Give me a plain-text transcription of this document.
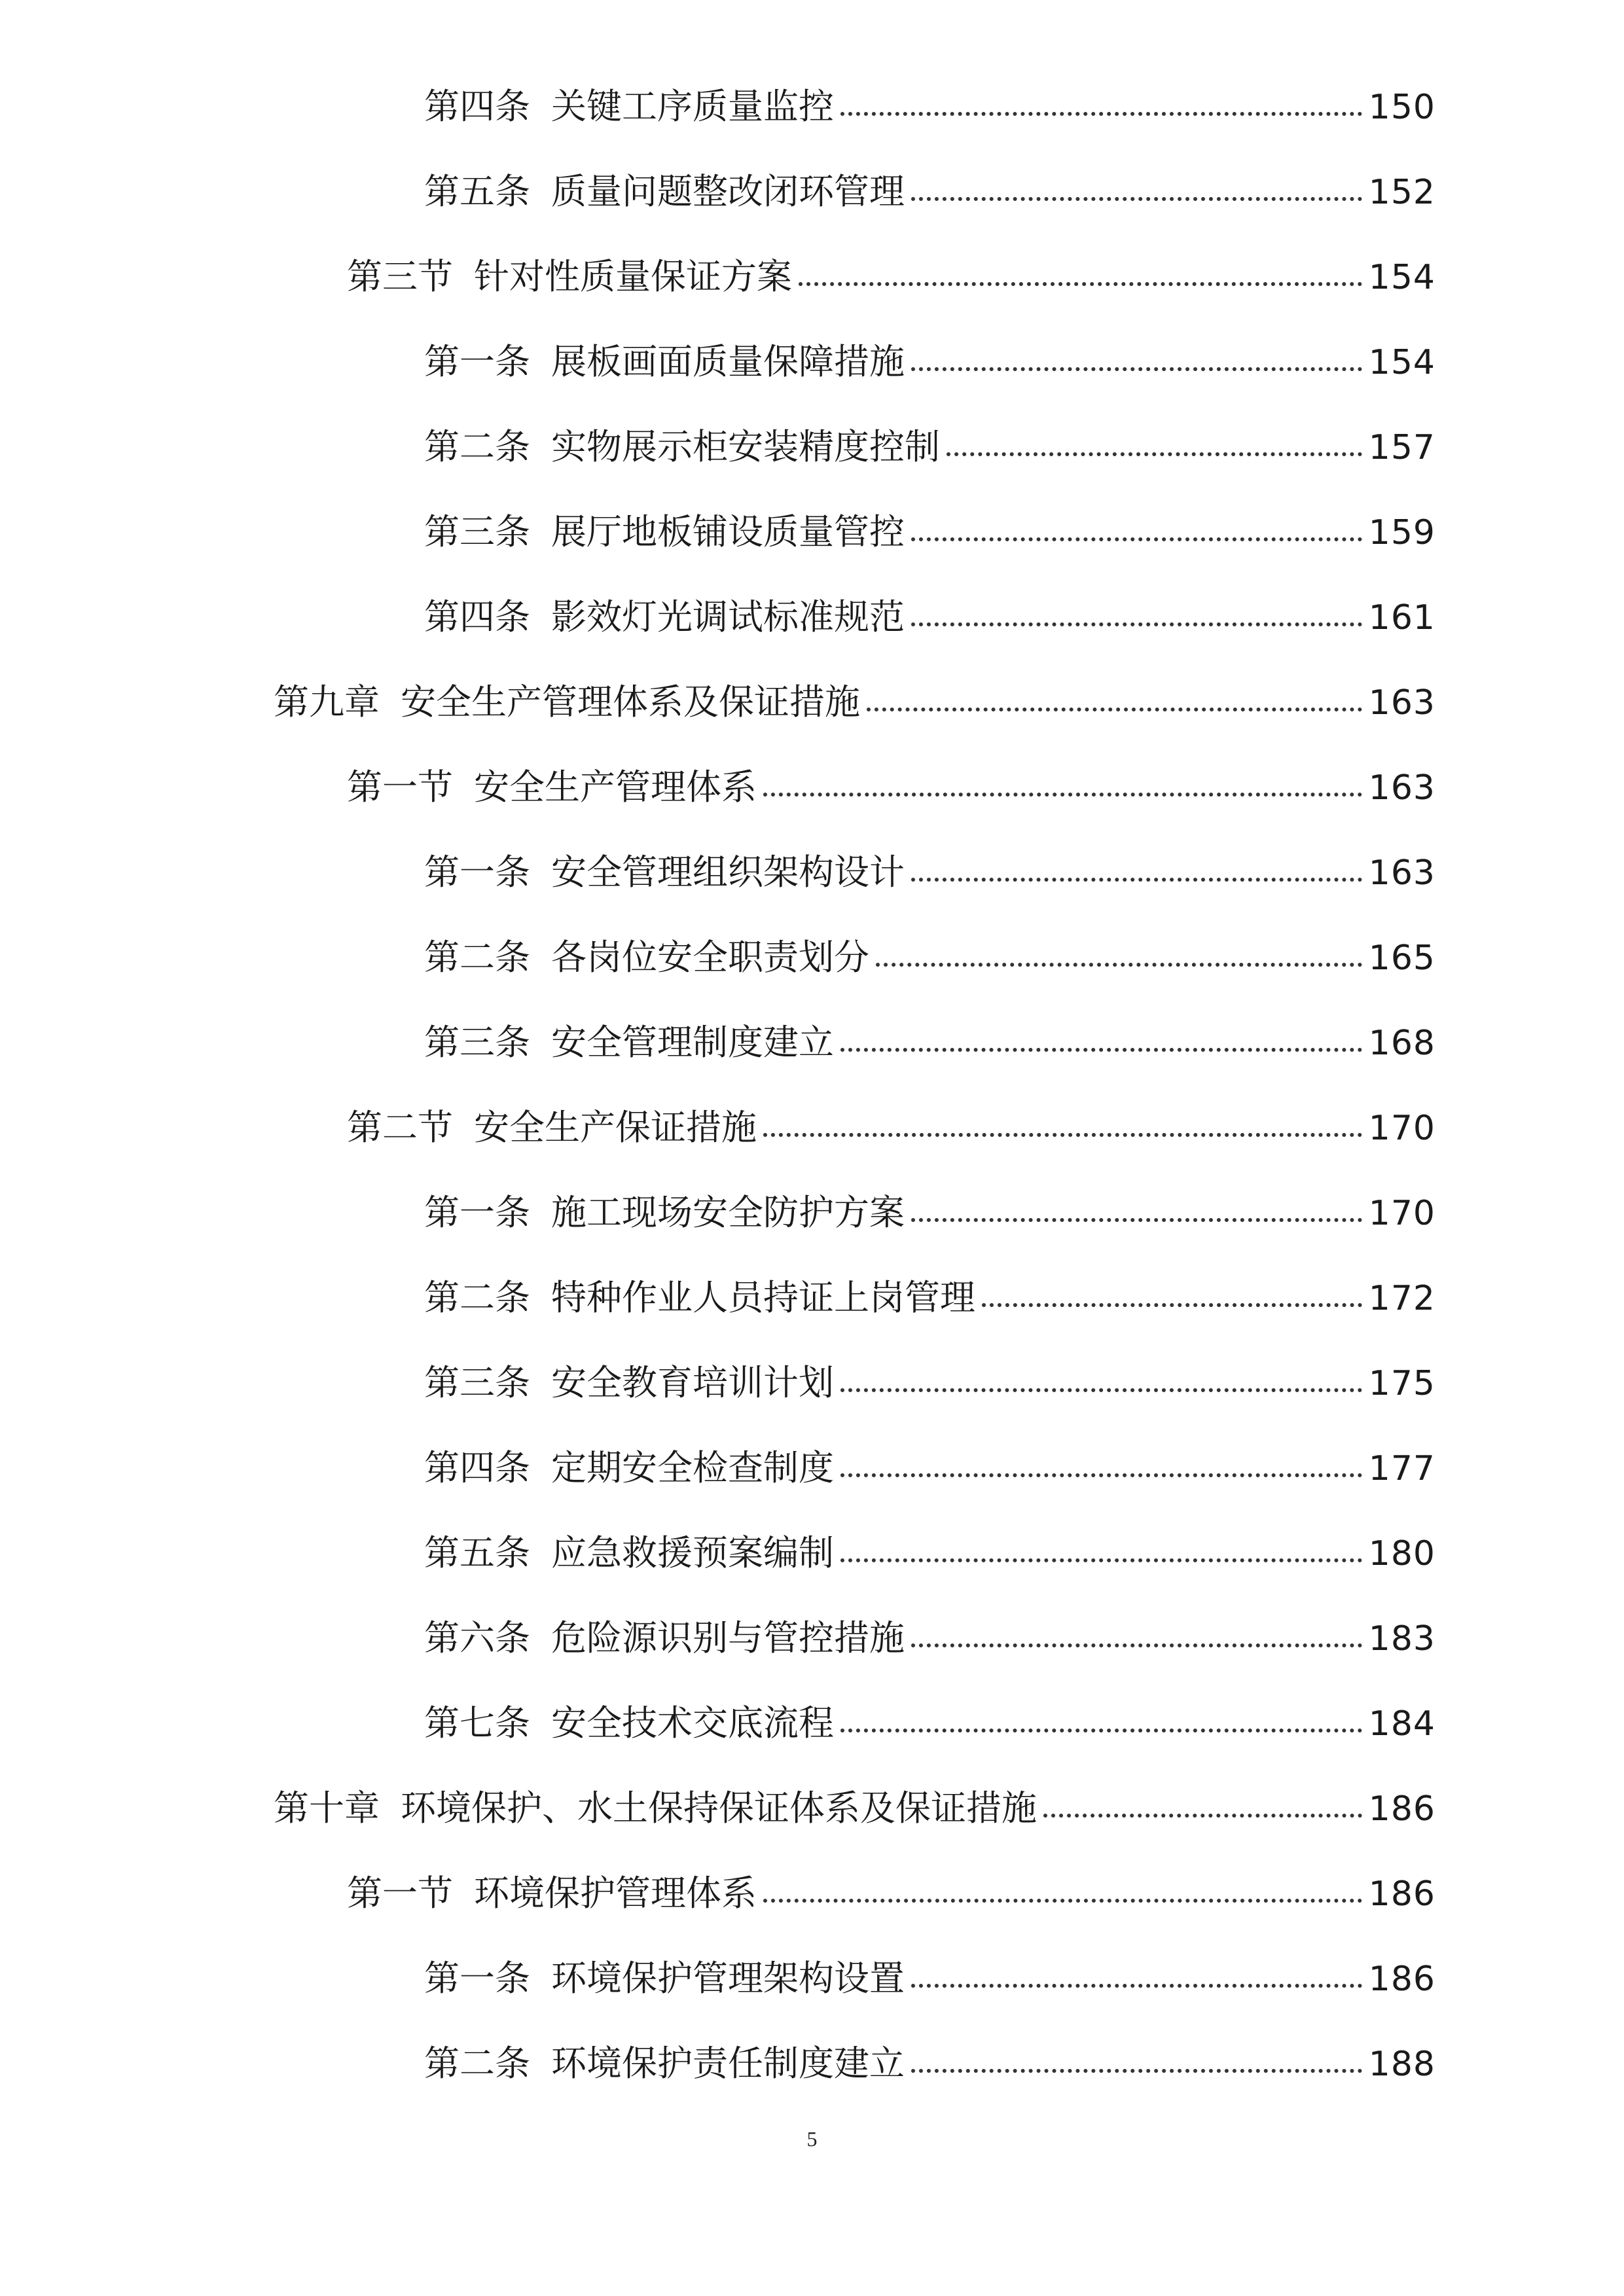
第四条 关键工序质量监控	150
第五条 质量问题整改闭环管理	152
第三节 针对性质量保证方案	154
第一条 展板画面质量保障措施	154
第二条 实物展示柜安装精度控制	157
第三条 展厅地板铺设质量管控	159
第四条 影效灯光调试标准规范	161
第九章 安全生产管理体系及保证措施	163
第一节 安全生产管理体系	163
第一条 安全管理组织架构设计	163
第二条 各岗位安全职责划分	165
第三条 安全管理制度建立	168
第二节 安全生产保证措施	170
第一条 施工现场安全防护方案	170
第二条 特种作业人员持证上岗管理	172
第三条 安全教育培训计划	175
第四条 定期安全检查制度	177
第五条 应急救援预案编制	180
第六条 危险源识别与管控措施	183
第七条 安全技术交底流程	184
第十章 环境保护、水土保持保证体系及保证措施	186
第一节 环境保护管理体系	186
第一条 环境保护管理架构设置	186
第二条 环境保护责任制度建立	188
5
